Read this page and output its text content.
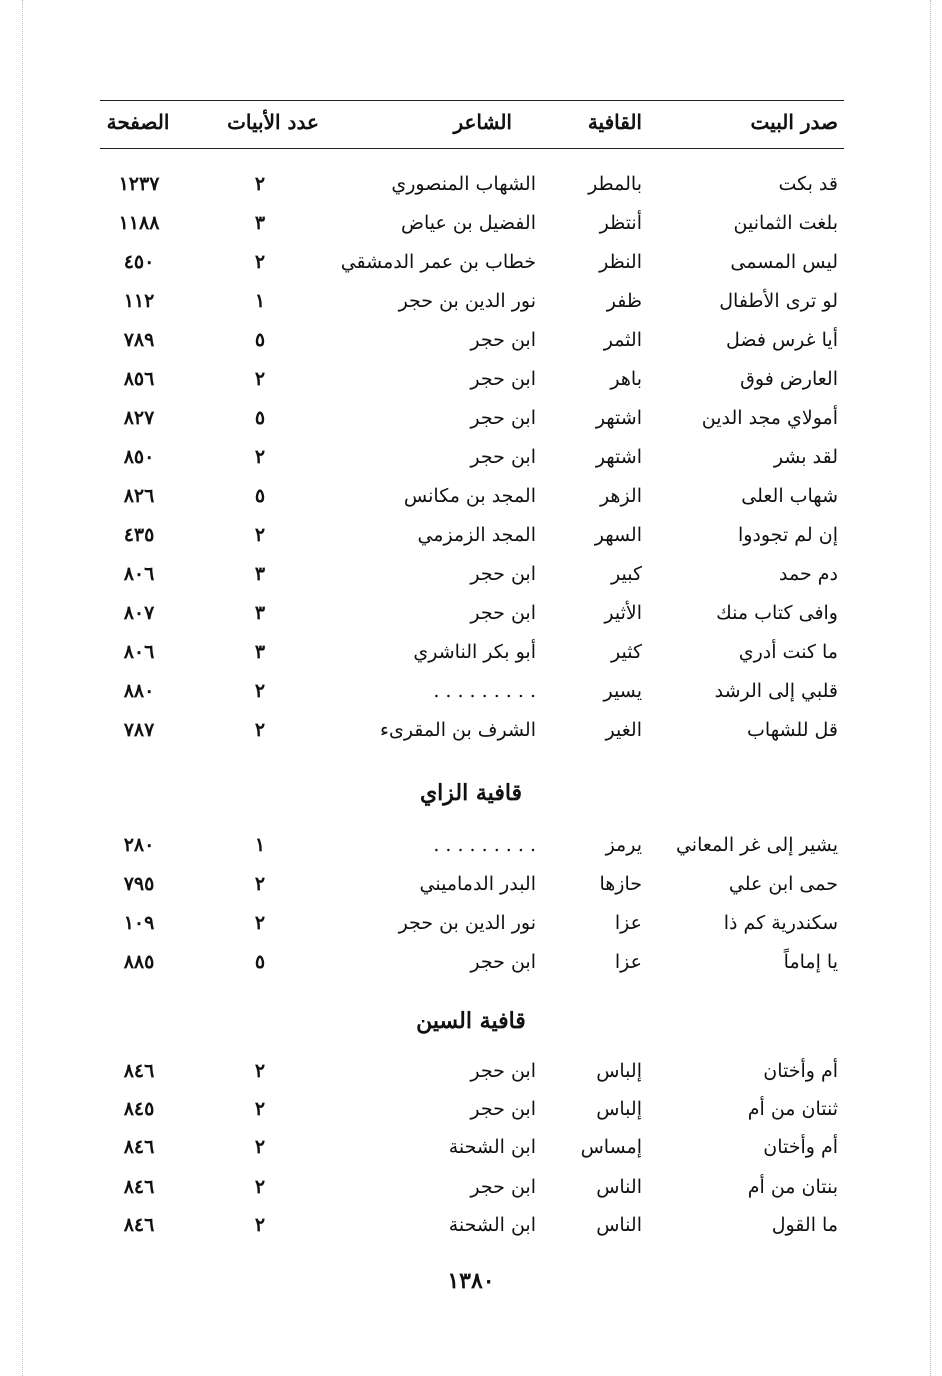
صدر البيت
القافية
الشاعر
عدد الأبيات
الصفحة
قد بكت
بالمطر
الشهاب المنصوري
٢
١٢٣٧
بلغت الثمانين
أنتظر
الفضيل بن عياض
٣
١١٨٨
ليس المسمى
النظر
خطاب بن عمر الدمشقي
٢
٤٥٠
لو ترى الأطفال
ظفر
نور الدين بن حجر
١
١١٢
أيا غرس فضل
الثمر
ابن حجر
٥
٧٨٩
العارض فوق
باهر
ابن حجر
٢
٨٥٦
أمولاي مجد الدين
اشتهر
ابن حجر
٥
٨٢٧
لقد بشر
اشتهر
ابن حجر
٢
٨٥٠
شهاب العلى
الزهر
المجد بن مكانس
٥
٨٢٦
إن لم تجودوا
السهر
المجد الزمزمي
٢
٤٣٥
دم حمد
كبير
ابن حجر
٣
٨٠٦
وافى كتاب منك
الأثير
ابن حجر
٣
٨٠٧
ما كنت أدري
كثير
أبو بكر الناشري
٣
٨٠٦
قلبي إلى الرشد
يسير
. . . . . . . . .
٢
٨٨٠
قل للشهاب
الغير
الشرف بن المقرىء
٢
٧٨٧
قافية الزاي
يشير إلى غر المعاني
يرمز
. . . . . . . . .
١
٢٨٠
حمى ابن علي
حازها
البدر الدماميني
٢
٧٩٥
سكندرية كم ذا
عزا
نور الدين بن حجر
٢
١٠٩
يا إماماً
عزا
ابن حجر
٥
٨٨٥
قافية السين
أم وأختان
إلباس
ابن حجر
٢
٨٤٦
ثنتان من أم
إلباس
ابن حجر
٢
٨٤٥
أم وأختان
إمساس
ابن الشحنة
٢
٨٤٦
بنتان من أم
الناس
ابن حجر
٢
٨٤٦
ما القول
الناس
ابن الشحنة
٢
٨٤٦
١٣٨٠
